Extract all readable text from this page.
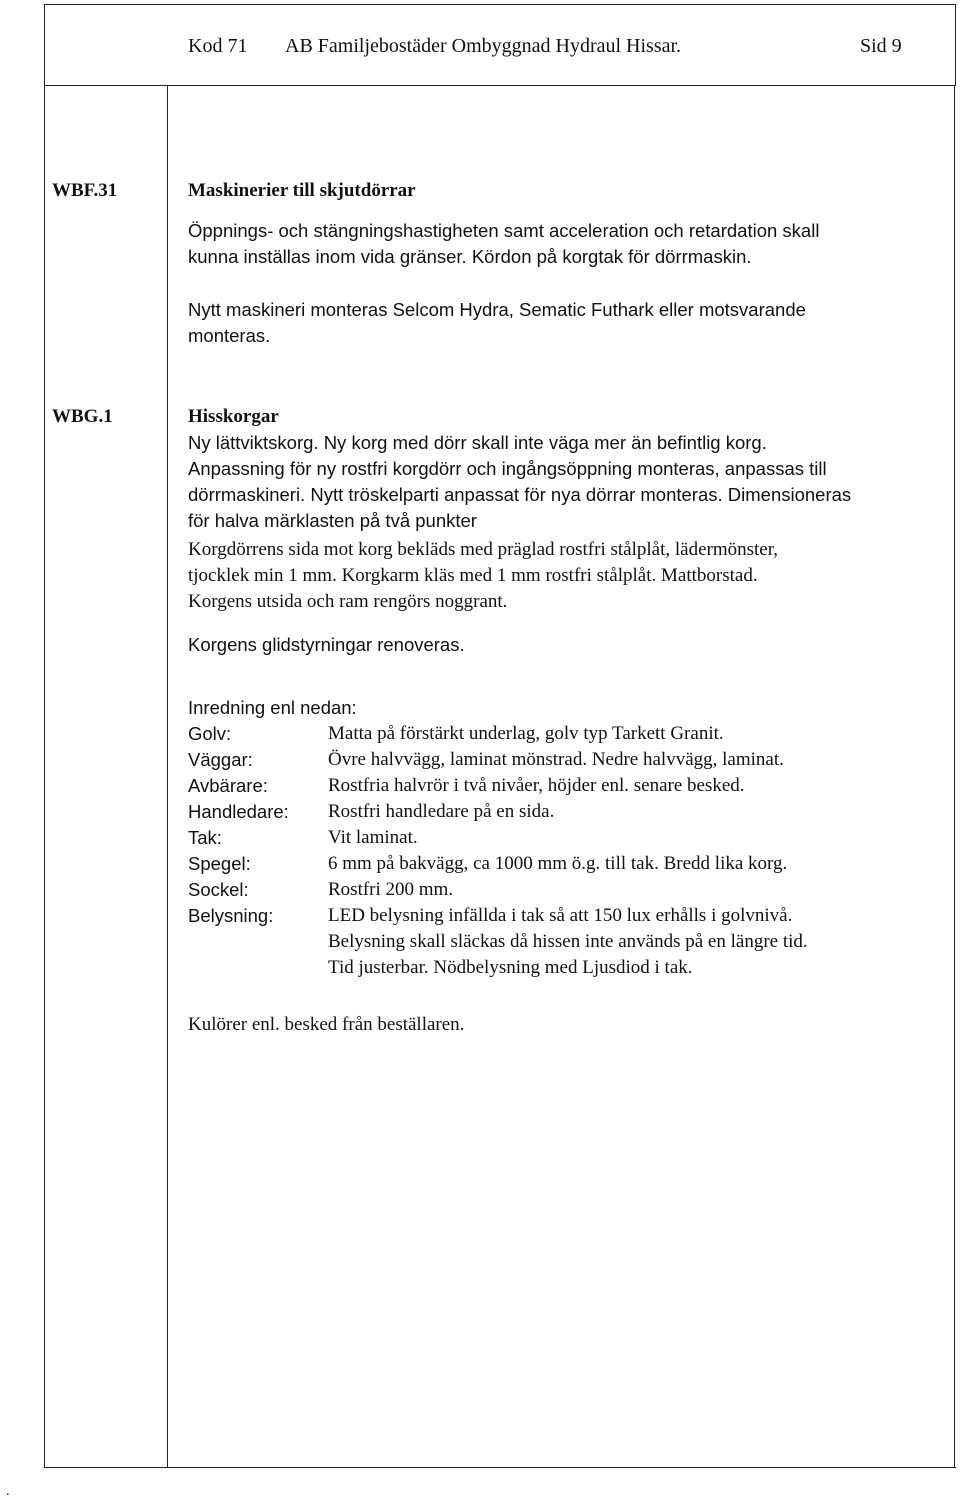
Kod 71 AB Familjebostäder Ombyggnad Hydraul Hissar.	Sid 9
WBF.31	Maskinerier till skjutdörrar

Öppnings- och stängningshastigheten samt acceleration och retardation skall

kunna inställas inom vida gränser. Kördon på korgtak för dörrmaskin.

Nytt maskineri monteras Selcom Hydra, Sematic Futhark eller motsvarande

monteras.

WBG.1	Hisskorgar

Ny lättviktskorg. Ny korg med dörr skall inte väga mer än befintlig korg.

Anpassning för ny rostfri korgdörr och ingångsöppning monteras, anpassas till

dörrmaskineri. Nytt tröskelparti anpassat för nya dörrar monteras. Dimensioneras

för halva märklasten på två punkter

Korgdörrens sida mot korg bekläds med präglad rostfri stålplåt, lädermönster,

tjocklek min 1 mm. Korgkarm kläs med 1 mm rostfri stålplåt. Mattborstad.

Korgens utsida och ram rengörs noggrant.

Korgens glidstyrningar renoveras.

Inredning enl nedan:

Golv:	Matta på förstärkt underlag, golv typ Tarkett Granit.
Väggar:	Övre halvvägg, laminat mönstrad. Nedre halvvägg, laminat.
Avbärare:	Rostfria halvrör i två nivåer, höjder enl. senare besked.
Handledare:	Rostfri handledare på en sida.
Tak:	Vit laminat.
Spegel:	6 mm på bakvägg, ca 1000 mm ö.g. till tak. Bredd lika korg.
Sockel:	Rostfri 200 mm.
Belysning:	LED belysning infällda i tak så att 150 lux erhålls i golvnivå.
Belysning skall släckas då hissen inte används på en längre tid.
Tid justerbar. Nödbelysning med Ljusdiod i tak.

Kulörer enl. besked från beställaren.

.
